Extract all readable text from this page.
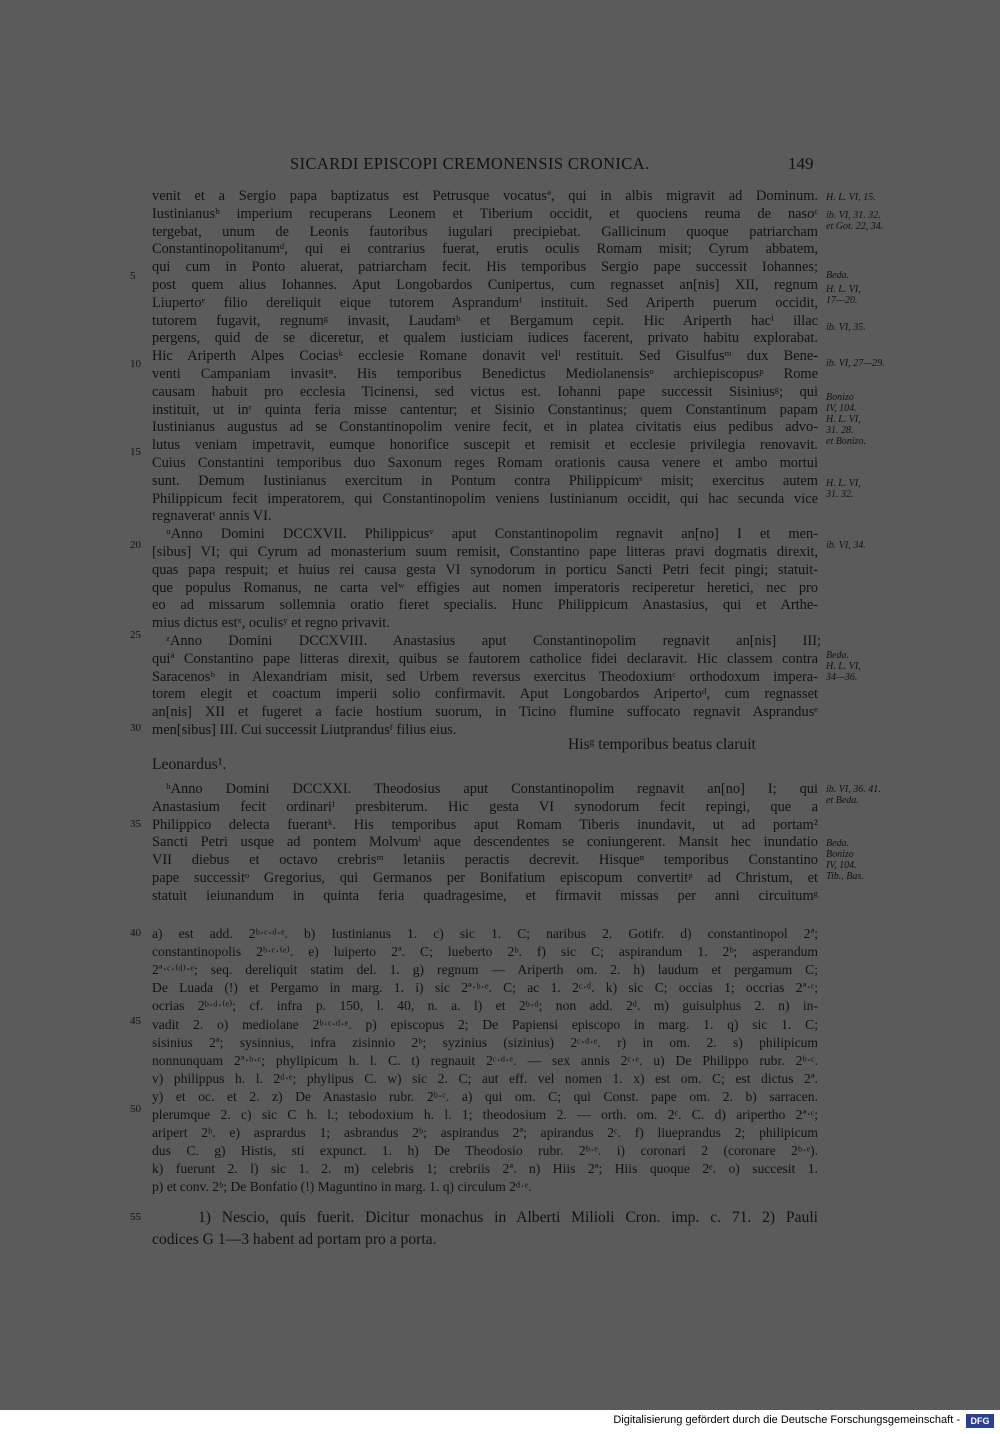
SICARDI EPISCOPI CREMONENSIS CRONICA.	149
venit et a Sergio papa baptizatus est Petrusque vocatusª, qui in albis migravit ad Dominum.
Iustinianusᵇ imperium recuperans Leonem et Tiberium occidit, et quociens reuma de nasoᶜ
tergebat, unum de Leonis fautoribus iugulari precipiebat. Gallicinum quoque patriarcham
Constantinopolitanumᵈ, qui ei contrarius fuerat, erutis oculis Romam misit; Cyrum abbatem,
qui cum in Ponto aluerat, patriarcham fecit. His temporibus Sergio pape successit Iohannes;
post quem alius Iohannes. Aput Longobardos Cunipertus, cum regnasset an[nis] XII, regnum
Liupertoᵉ filio dereliquit eique tutorem Asprandumᶠ instituit. Sed Ariperth puerum occidit,
tutorem fugavit, regnumᵍ invasit, Laudamʰ et Bergamum cepit. Hic Ariperth hacⁱ illac
pergens, quid de se diceretur, et qualem iusticiam iudices facerent, privato habitu explorabat.
Hic Ariperth Alpes Cociasᵏ ecclesie Romane donavit velˡ restituit. Sed Gisulfusᵐ dux Bene-
venti Campaniam invasitⁿ. His temporibus Benedictus Mediolanensisᵒ archiepiscopusᵖ Rome
causam habuit pro ecclesia Ticinensi, sed victus est. Iohanni pape successit Sisiniusᵍ; qui
instituit, ut inʳ quinta feria misse cantentur; et Sisinio Constantinus; quem Constantinum papam
Iustinianus augustus ad se Constantinopolim venire fecit, et in platea civitatis eius pedibus advo-
lutus veniam impetravit, eumque honorifice suscepit et remisit et ecclesie privilegia renovavit.
Cuius Constantini temporibus duo Saxonum reges Romam orationis causa venere et ambo mortui
sunt. Demum Iustinianus exercitum in Pontum contra Philippicumˢ misit; exercitus autem
Philippicum fecit imperatorem, qui Constantinopolim veniens Iustinianum occidit, qui hac secunda vice
regnaveratᵗ annis VI.
ᵘAnno Domini DCCXVII. Philippicusᵛ aput Constantinopolim regnavit an[no] I et men-
[sibus] VI; qui Cyrum ad monasterium suum remisit, Constantino pape litteras pravi dogmatis direxit,
quas papa respuit; et huius rei causa gesta VI synodorum in porticu Sancti Petri fecit pingi; statuit-
que populus Romanus, ne carta velʷ effigies aut nomen imperatoris reciperetur heretici, nec pro
eo ad missarum sollemnia oratio fieret specialis. Hunc Philippicum Anastasius, qui et Arthe-
mius dictus estˣ, oculisʸ et regno privavit.
ᶻAnno Domini DCCXVIII. Anastasius aput Constantinopolim regnavit an[nis] III;
quiª Constantino pape litteras direxit, quibus se fautorem catholice fidei declaravit. Hic classem contra
Saracenosᵇ in Alexandriam misit, sed Urbem reversus exercitus Theodoxiumᶜ orthodoxum impera-
torem elegit et coactum imperii solio confirmavit. Aput Longobardos Aripertoᵈ, cum regnasset
an[nis] XII et fugeret a facie hostium suorum, in Ticino flumine suffocato regnavit Asprandusᵉ
men[sibus] III. Cui successit Liutprandusᶠ filius eius.
Leonardus¹.
ʰAnno Domini DCCXXI. Theodosius aput Constantinopolim regnavit an[no] I; qui
Anastasium fecit ordinariⁱ presbiterum. Hic gesta VI synodorum fecit repingi, que a
Philippico delecta fuerantᵏ. His temporibus aput Romam Tiberis inundavit, ut ad portam²
Sancti Petri usque ad pontem Molvumˡ aque descendentes se coniungerent. Mansit hec inundatio
VII diebus et octavo crebrisᵐ letaniis peractis decrevit. Hisqueⁿ temporibus Constantino
pape successitᵒ Gregorius, qui Germanos per Bonifatium episcopum convertitᵖ ad Christum, et
statuit ieiunandum in quinta feria quadragesime, et firmavit missas per anni circuitumᵍ
Hisᵍ temporibus beatus claruit
5
10
15
20
25
30
35
40
45
50
55
H. L. VI, 15.
ib. VI, 31. 32.
et Got. 22, 34.
Beda.
H. L. VI,
17—20.
ib. VI, 35.
ib. VI, 27—29.
Bonizo
IV, 104.
H. L. VI,
31. 28.
et Bonizo.
H. L. VI,
31. 32.
ib. VI, 34.
Beda.
H. L. VI,
34—36.
ib. VI, 36. 41.
et Beda.
Beda.
Bonizo
IV, 104.
Tib., Bas.
a) est add. 2ᵇ·ᶜ·ᵈ·ᵉ. b) Iustinianus 1. c) sic 1. C; naribus 2. Gotifr. d) constantinopol 2ª;
constantinopolis 2ᵇ·ᶜ·⁽ᵉ⁾. e) luiperto 2ª. C; lueberto 2ᵇ. f) sic C; aspirandum 1. 2ᵇ; asperandum
2ª·ᶜ·⁽ᵈ⁾·ᵉ; seq. dereliquit statim del. 1. g) regnum — Ariperth om. 2. h) laudum et pergamum C;
De Luada (!) et Pergamo in marg. 1. i) sic 2ª·ᵇ·ᵉ. C; ac 1. 2ᶜ·ᵈ. k) sic C; occias 1; occrias 2ª·ᶜ;
ocrias 2ᵇ·ᵈ·⁽ᵉ⁾; cf. infra p. 150, l. 40, n. a. l) et 2ᵇ·ᵈ; non add. 2ᵈ. m) guisulphus 2. n) in-
vadit 2. o) mediolane 2ᵇ·ᶜ·ᵈ·ᵉ. p) episcopus 2; De Papiensi episcopo in marg. 1. q) sic 1. C;
sisinius 2ª; sysinnius, infra zisinnio 2ᵇ; syzinius (sizinius) 2ᶜ·ᵈ·ᵉ. r) in om. 2. s) philipicum
nonnunquam 2ª·ᵇ·ᶜ; phylipicum h. l. C. t) regnauit 2ᶜ·ᵈ·ᵉ. — sex annis 2ᶜ·ᵉ. u) De Philippo rubr. 2ᵇ·ᶜ.
v) philippus h. l. 2ᵈ·ᵉ; phylipus C. w) sic 2. C; aut eff. vel nomen 1. x) est om. C; est dictus 2ª.
y) et oc. et 2. z) De Anastasio rubr. 2ᵇ·ᶜ. a) qui om. C; qui Const. pape om. 2. b) sarracen.
plerumque 2. c) sic C h. l.; tebodoxium h. l. 1; theodosium 2. — orth. om. 2ᶜ. C. d) aripertho 2ª·ᶜ;
aripert 2ᵇ. e) asprardus 1; asbrandus 2ᵇ; aspirandus 2ª; apirandus 2ᶜ. f) liueprandus 2; philipicum
dus C. g) Histis, sti expunct. 1. h) De Theodosio rubr. 2ᵇ·ᵉ. i) coronari 2 (coronare 2ᵇ·ᵉ).
k) fuerunt 2. l) sic 1. 2. m) celebris 1; crebriis 2ª. n) Hiis 2ª; Hiis quoque 2ᵉ. o) succesit 1.
p) et conv. 2ᵇ; De Bonfatio (!) Maguntino in marg. 1. q) circulum 2ᵈ·ᵉ.
1) Nescio, quis fuerit. Dicitur monachus in Alberti Milioli Cron. imp. c. 71. 2) Pauli
codices G 1—3 habent ad portam pro a porta.
Digitalisierung gefördert durch die Deutsche Forschungsgemeinschaft -	DFG
